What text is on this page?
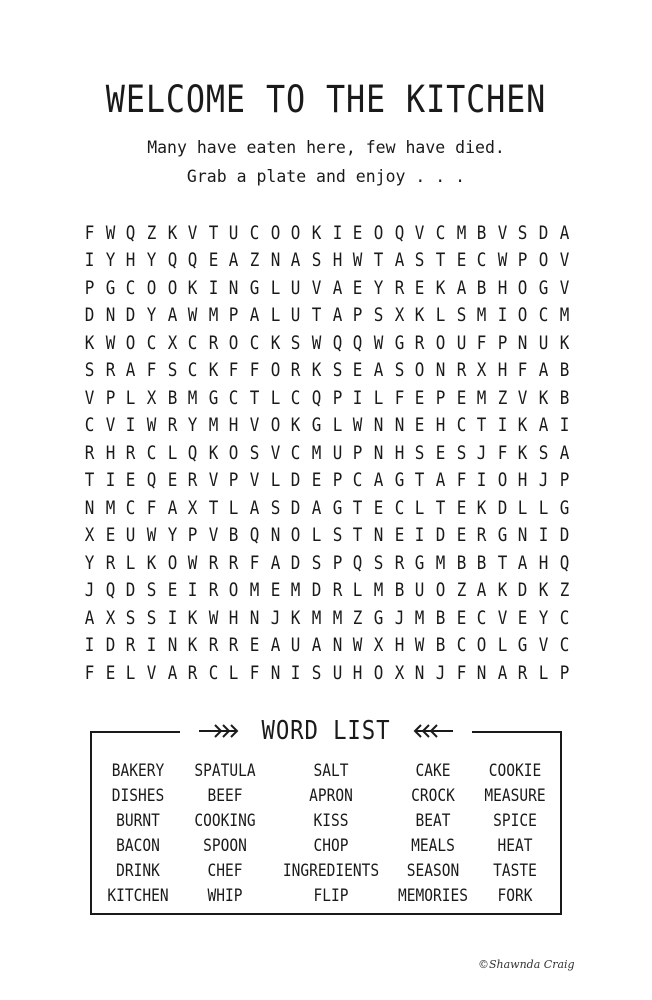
WELCOME TO THE KITCHEN
Many have eaten here, few have died.
Grab a plate and enjoy . . .
F W Q Z K V T U C O O K I E O Q V C M B V S D A
I Y H Y Q Q E A Z N A S H W T A S T E C W P O V
P G C O O K I N G L U V A E Y R E K A B H O G V
D N D Y A W M P A L U T A P S X K L S M I O C M
K W O C X C R O C K S W Q Q W G R O U F P N U K
S R A F S C K F F O R K S E A S O N R X H F A B
V P L X B M G C T L C Q P I L F E P E M Z V K B
C V I W R Y M H V O K G L W N N E H C T I K A I
R H R C L Q K O S V C M U P N H S E S J F K S A
T I E Q E R V P V L D E P C A G T A F I O H J P
N M C F A X T L A S D A G T E C L T E K D L L G
X E U W Y P V B Q N O L S T N E I D E R G N I D
Y R L K O W R R F A D S P Q S R G M B B T A H Q
J Q D S E I R O M E M D R L M B U O Z A K D K Z
A X S S I K W H N J K M M Z G J M B E C V E Y C
I D R I N K R R E A U A N W X H W B C O L G V C
F E L V A R C L F N I S U H O X N J F N A R L P
WORD LIST
BAKERY	SPATULA	SALT	CAKE	COOKIE
DISHES	BEEF	APRON	CROCK	MEASURE
BURNT	COOKING	KISS	BEAT	SPICE
BACON	SPOON	CHOP	MEALS	HEAT
DRINK	CHEF	INGREDIENTS	SEASON	TASTE
KITCHEN	WHIP	FLIP	MEMORIES	FORK
©Shawnda Craig
